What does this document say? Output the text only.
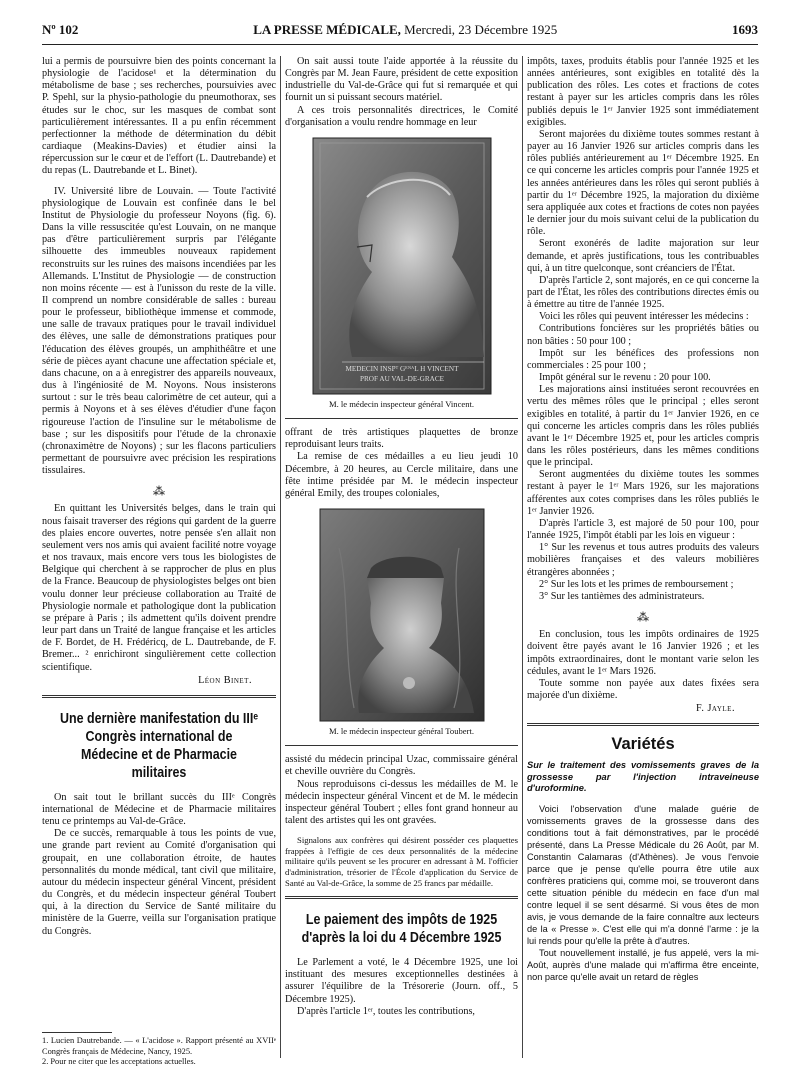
Nº 102	LA PRESSE MÉDICALE, Mercredi, 23 Décembre 1925	1693

lui a permis de poursuivre bien des points concernant la physiologie de l'acidose¹ et la détermination du métabolisme de base ; ses recherches, poursuivies avec P. Spehl, sur la physio-pathologie du pneumothorax, ses études sur le choc, sur les masques de combat sont particulièrement intéressantes. Il a pu enfin récemment perfectionner la méthode de détermination du débit cardiaque (Meakins-Davies) et étudier ainsi la répercussion sur le cœur et de l'effort (L. Dautrebande) et du repas (L. Dautrebande et L. Binet).

IV. Université libre de Louvain. — Toute l'activité physiologique de Louvain est confinée dans le bel Institut de Physiologie du professeur Noyons (fig. 6). Dans la ville ressuscitée qu'est Louvain, on ne manque pas d'être particulièrement surpris par l'élégante silhouette des immeubles nouveaux rapidement reconstruits sur les ruines des maisons incendiées par les Allemands. L'Institut de Physiologie — de construction non moins récente — est à l'unisson du reste de la ville. Il comprend un nombre considérable de salles : bureau pour le professeur, bibliothèque immense et commode, une salle de travaux pratiques pour le travail individuel des élèves, une salle de démonstrations pratiques pour l'éducation des élèves groupés, un amphithéâtre et une série de pièces ayant chacune une affectation spéciale et, dans chacune, on a à enregistrer des appareils nouveaux, dus à l'ingéniosité de M. Noyons. Nous insisterons surtout : sur le très beau calorimètre de cet auteur, qui a permis à Noyons et à ses élèves d'étudier d'une façon rigoureuse l'action de l'insuline sur le métabolisme de base ; sur les dispositifs pour l'étude de la chronaxie (chronaximètre de Noyons) ; sur les flacons particuliers permettant de poursuivre avec précision les respirations tissulaires.

⁂

En quittant les Universités belges, dans le train qui nous faisait traverser des régions qui gardent de la guerre des plaies encore ouvertes, notre pensée s'en allait non seulement vers nos amis qui avaient facilité notre voyage et nos travaux, mais encore vers tous les biologistes de Belgique qui cherchent à se rapprocher de plus en plus de la France. Beaucoup de physiologistes belges ont bien voulu donner leur précieuse collaboration au Traité de Physiologie normale et pathologique dont la publication se prépare à Paris ; ils admettent qu'ils doivent prendre leur part dans un Traité de langue française et les articles de F. Bordet, de H. Frédéricq, de L. Dautrebande, de F. Bremer... ² enrichiront singulièrement cette collection scientifique.

Léon Binet.
Une dernière manifestation du IIIᵉ Congrès international de Médecine et de Pharmacie militaires

On sait tout le brillant succès du IIIᵉ Congrès international de Médecine et de Pharmacie militaires tenu ce printemps au Val-de-Grâce.

De ce succès, remarquable à tous les points de vue, une grande part revient au Comité d'organisation qui groupait, en une collaboration étroite, de hautes personnalités du monde médical, tant civil que militaire, autour du médecin inspecteur général Vincent, président du Congrès, et du médecin inspecteur général Toubert qui, à la direction du Service de Santé militaire du ministère de la Guerre, veilla sur l'organisation pratique du Congrès.

1. Lucien Dautrebande. — « L'acidose ». Rapport présenté au XVIIᵉ Congrès français de Médecine, Nancy, 1925.
2. Pour ne citer que les acceptations actuelles.

On sait aussi toute l'aide apportée à la réussite du Congrès par M. Jean Faure, président de cette exposition industrielle du Val-de-Grâce qui fut si remarquée et qui fournit un si puissant secours matériel.

A ces trois personnalités directrices, le Comité d'organisation a voulu rendre hommage en leur

MEDECIN INSPᵀ GᴱᴺᴬL H VINCENT
PROF AU VAL-DE-GRACE
M. le médecin inspecteur général Vincent.

offrant de très artistiques plaquettes de bronze reproduisant leurs traits.

La remise de ces médailles a eu lieu jeudi 10 Décembre, à 20 heures, au Cercle militaire, dans une fête intime présidée par M. le médecin inspecteur général Emily, des troupes coloniales,

M. le médecin inspecteur général Toubert.

assisté du médecin principal Uzac, commissaire général et cheville ouvrière du Congrès.

Nous reproduisons ci-dessus les médailles de M. le médecin inspecteur général Vincent et de M. le médecin inspecteur général Toubert ; elles font grand honneur au talent des artistes qui les ont gravées.

Signalons aux confrères qui désirent posséder ces plaquettes frappées à l'effigie de ces deux personnalités de la médecine militaire qu'ils peuvent se les procurer en adressant à M. l'officier d'administration, trésorier de l'École d'application du Service de Santé au Val-de-Grâce, la somme de 25 francs par médaille.

Le paiement des impôts de 1925 d'après la loi du 4 Décembre 1925

Le Parlement a voté, le 4 Décembre 1925, une loi instituant des mesures exceptionnelles destinées à assurer l'équilibre de la Trésorerie (Journ. off., 5 Décembre 1925).

D'après l'article 1ᵉʳ, toutes les contributions,

impôts, taxes, produits établis pour l'année 1925 et les années antérieures, sont exigibles en totalité dès la publication des rôles. Les cotes et fractions de cotes restant à payer sur les articles compris dans les rôles publiés depuis le 1ᵉʳ Janvier 1925 sont immédiatement exigibles.

Seront majorées du dixième toutes sommes restant à payer au 16 Janvier 1926 sur articles compris dans les rôles publiés antérieurement au 1ᵉʳ Décembre 1925. En ce qui concerne les articles compris pour l'année 1925 et les années antérieures dans les rôles qui seront publiés à partir du 1ᵉʳ Décembre 1925, la majoration du dixième sera appliquée aux cotes et fractions de cotes non payées le dernier jour du mois suivant celui de la publication du rôle.

Seront exonérés de ladite majoration sur leur demande, et après justifications, tous les contribuables qui, à un titre quelconque, sont créanciers de l'État.

D'après l'article 2, sont majorés, en ce qui concerne la part de l'État, les rôles des contributions directes émis ou à émettre au titre de l'année 1925.

Voici les rôles qui peuvent intéresser les médecins :

Contributions foncières sur les propriétés bâties ou non bâties : 50 pour 100 ;

Impôt sur les bénéfices des professions non commerciales : 25 pour 100 ;

Impôt général sur le revenu : 20 pour 100.

Les majorations ainsi instituées seront recouvrées en vertu des mêmes rôles que le principal ; elles seront exigibles en totalité, à partir du 1ᵉʳ Janvier 1926, en ce qui concerne les articles compris dans les rôles publiés avant le 1ᵉʳ Décembre 1925 et, pour les articles compris dans les rôles postérieurs, dans les mêmes conditions que le principal.

Seront augmentées du dixième toutes les sommes restant à payer le 1ᵉʳ Mars 1926, sur les majorations afférentes aux cotes comprises dans les rôles publiés le 1ᵉʳ Janvier 1926.

D'après l'article 3, est majoré de 50 pour 100, pour l'année 1925, l'impôt établi par les lois en vigueur :

1° Sur les revenus et tous autres produits des valeurs mobilières françaises et des valeurs mobilières étrangères abonnées ;

2° Sur les lots et les primes de remboursement ;

3° Sur les tantièmes des administrateurs.

⁂

En conclusion, tous les impôts ordinaires de 1925 doivent être payés avant le 16 Janvier 1926 ; et les impôts extraordinaires, dont le montant varie selon les cédules, avant le 1ᵉʳ Mars 1926.

Toute somme non payée aux dates fixées sera majorée d'un dixième.

F. Jayle.
Variétés
Sur le traitement des vomissements graves de la grossesse par l'injection intraveineuse d'uroformine.

Voici l'observation d'une malade guérie de vomissements graves de la grossesse dans des conditions tout à fait démonstratives, par le procédé présenté, dans La Presse Médicale du 26 Août, par M. Constantin Calamaras (d'Athènes). Je vous l'envoie parce que je pense qu'elle pourra être utile aux confrères praticiens qui, comme moi, se trouveront dans cette situation pénible du médecin en face d'un mal contre lequel il se sent désarmé. Si vous êtes de mon avis, je vous demande de la faire connaître aux lecteurs de la « Presse ». C'est elle qui m'a donné l'arme : je la lui rends pour qu'elle la prête à d'autres.

Tout nouvellement installé, je fus appelé, vers la mi-Août, auprès d'une malade qui m'affirma être enceinte, non parce qu'elle avait un retard de règles
